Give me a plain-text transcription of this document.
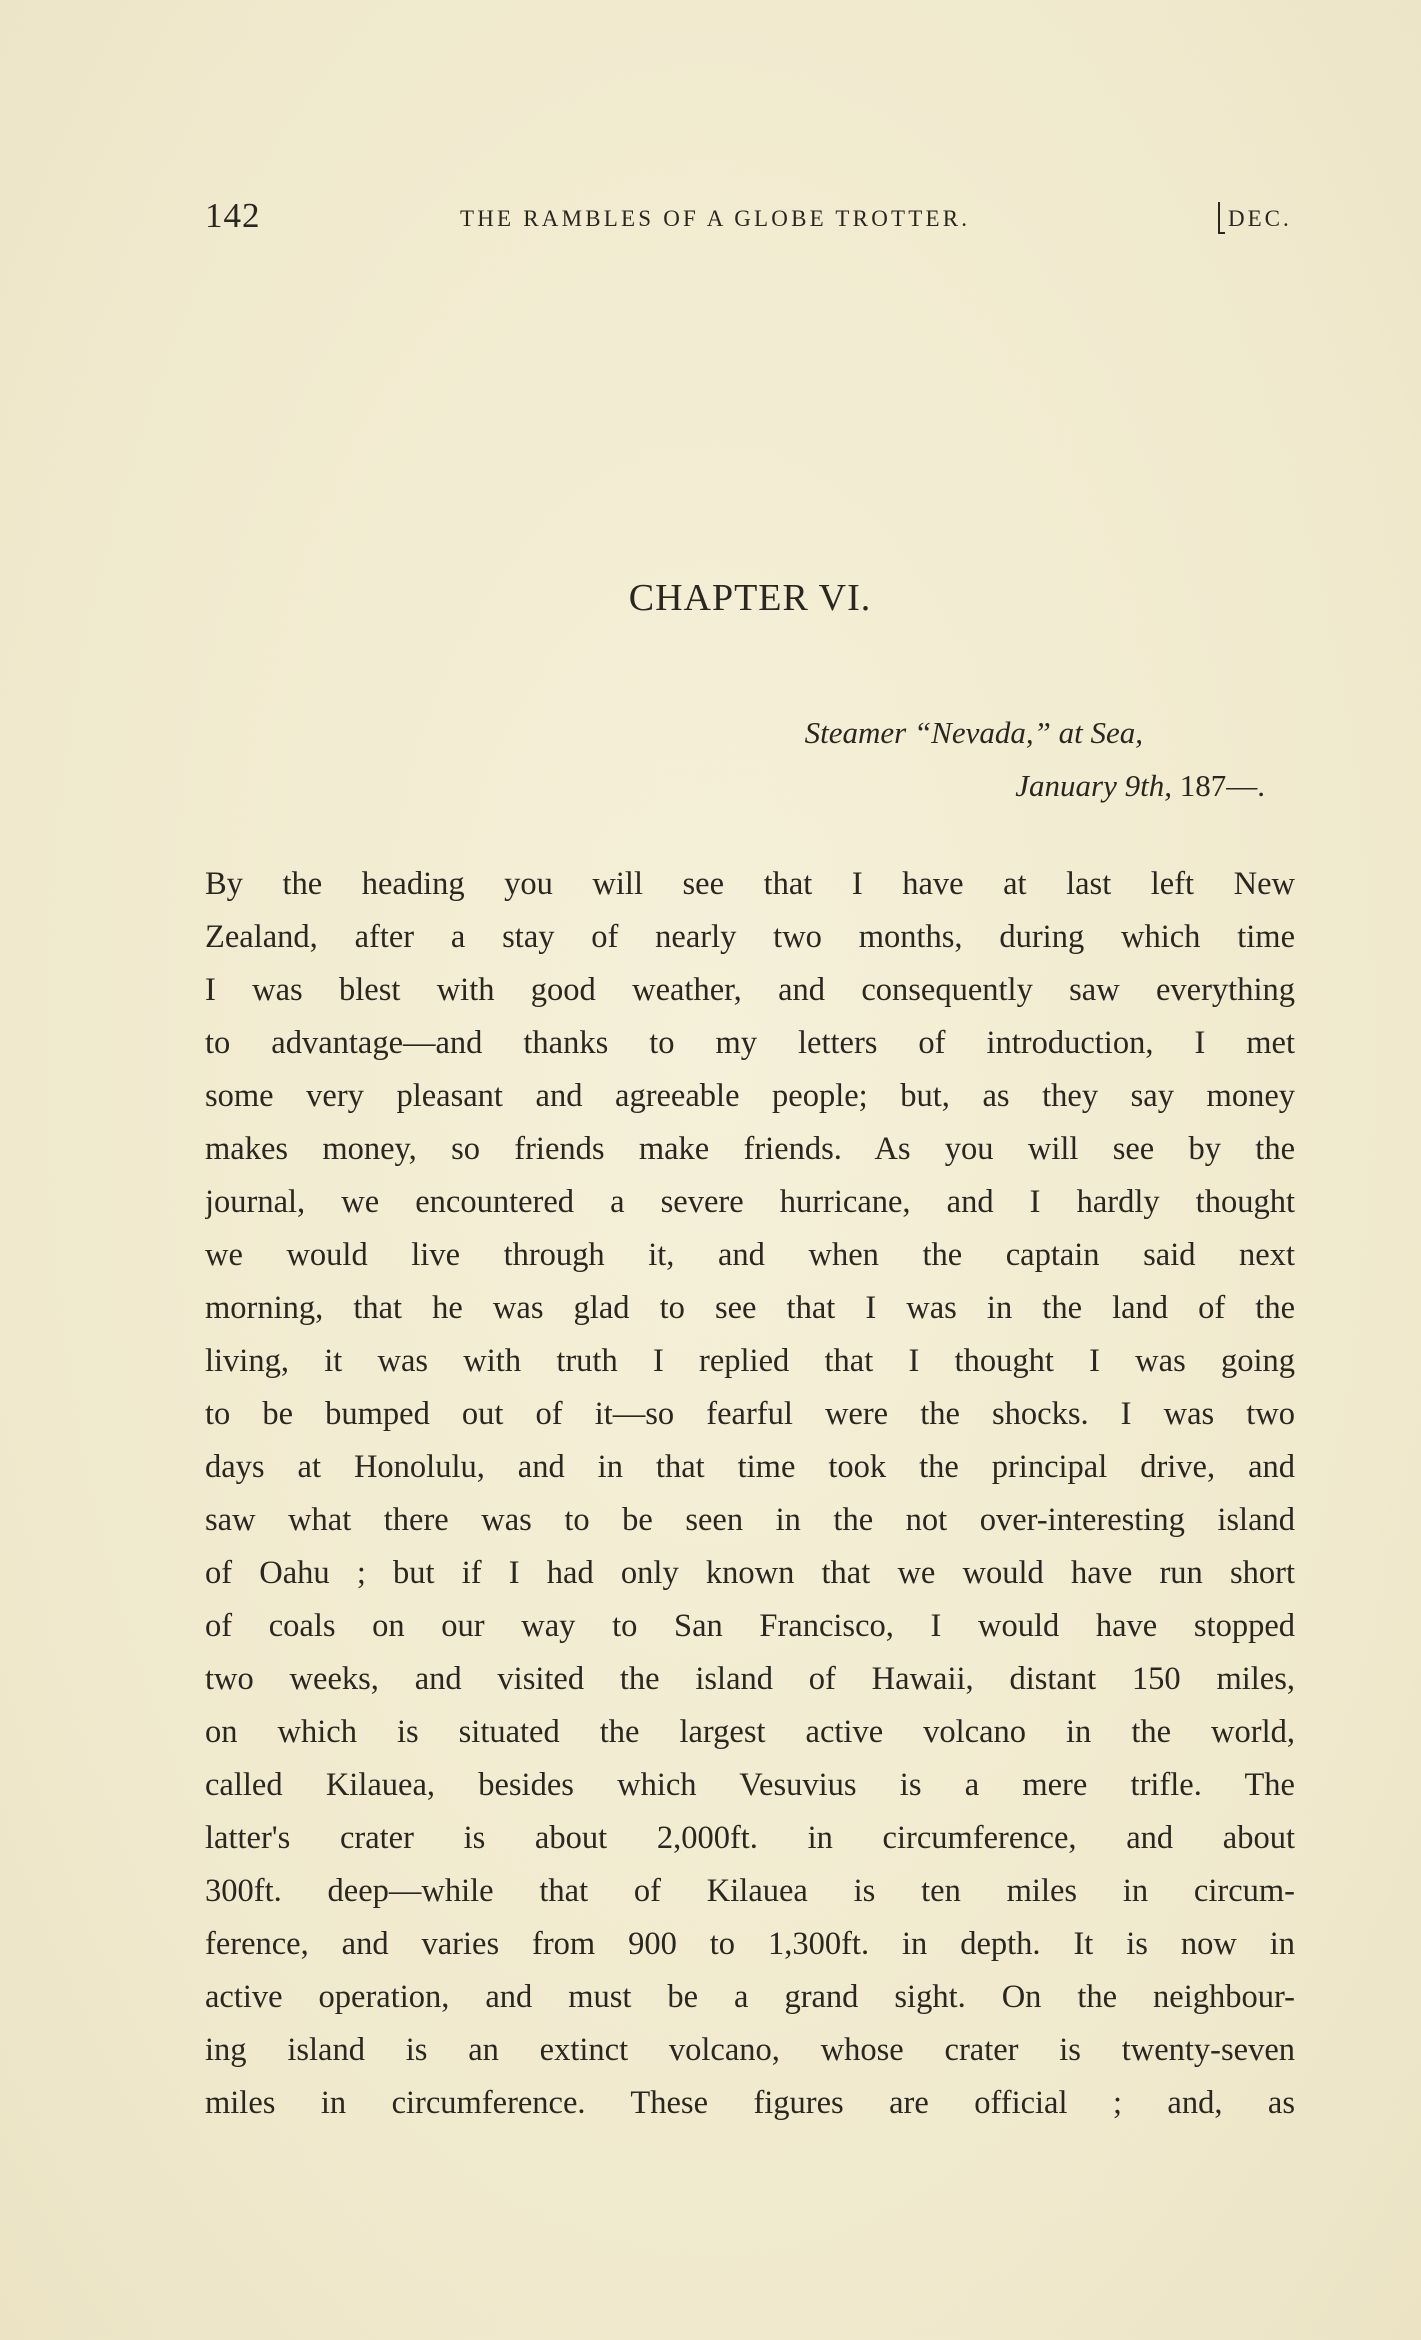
142	THE RAMBLES OF A GLOBE TROTTER.	DEC.
CHAPTER VI.
Steamer “Nevada,” at Sea,
January 9th, 187—.
By the heading you will see that I have at last left New
Zealand, after a stay of nearly two months, during which time
I was blest with good weather, and consequently saw everything
to advantage—and thanks to my letters of introduction, I met
some very pleasant and agreeable people; but, as they say money
makes money, so friends make friends. As you will see by the
journal, we encountered a severe hurricane, and I hardly thought
we would live through it, and when the captain said next
morning, that he was glad to see that I was in the land of the
living, it was with truth I replied that I thought I was going
to be bumped out of it—so fearful were the shocks. I was two
days at Honolulu, and in that time took the principal drive, and
saw what there was to be seen in the not over-interesting island
of Oahu ; but if I had only known that we would have run short
of coals on our way to San Francisco, I would have stopped
two weeks, and visited the island of Hawaii, distant 150 miles,
on which is situated the largest active volcano in the world,
called Kilauea, besides which Vesuvius is a mere trifle. The
latter's crater is about 2,000ft. in circumference, and about
300ft. deep—while that of Kilauea is ten miles in circum-
ference, and varies from 900 to 1,300ft. in depth. It is now in
active operation, and must be a grand sight. On the neighbour-
ing island is an extinct volcano, whose crater is twenty-seven
miles in circumference. These figures are official ; and, as
